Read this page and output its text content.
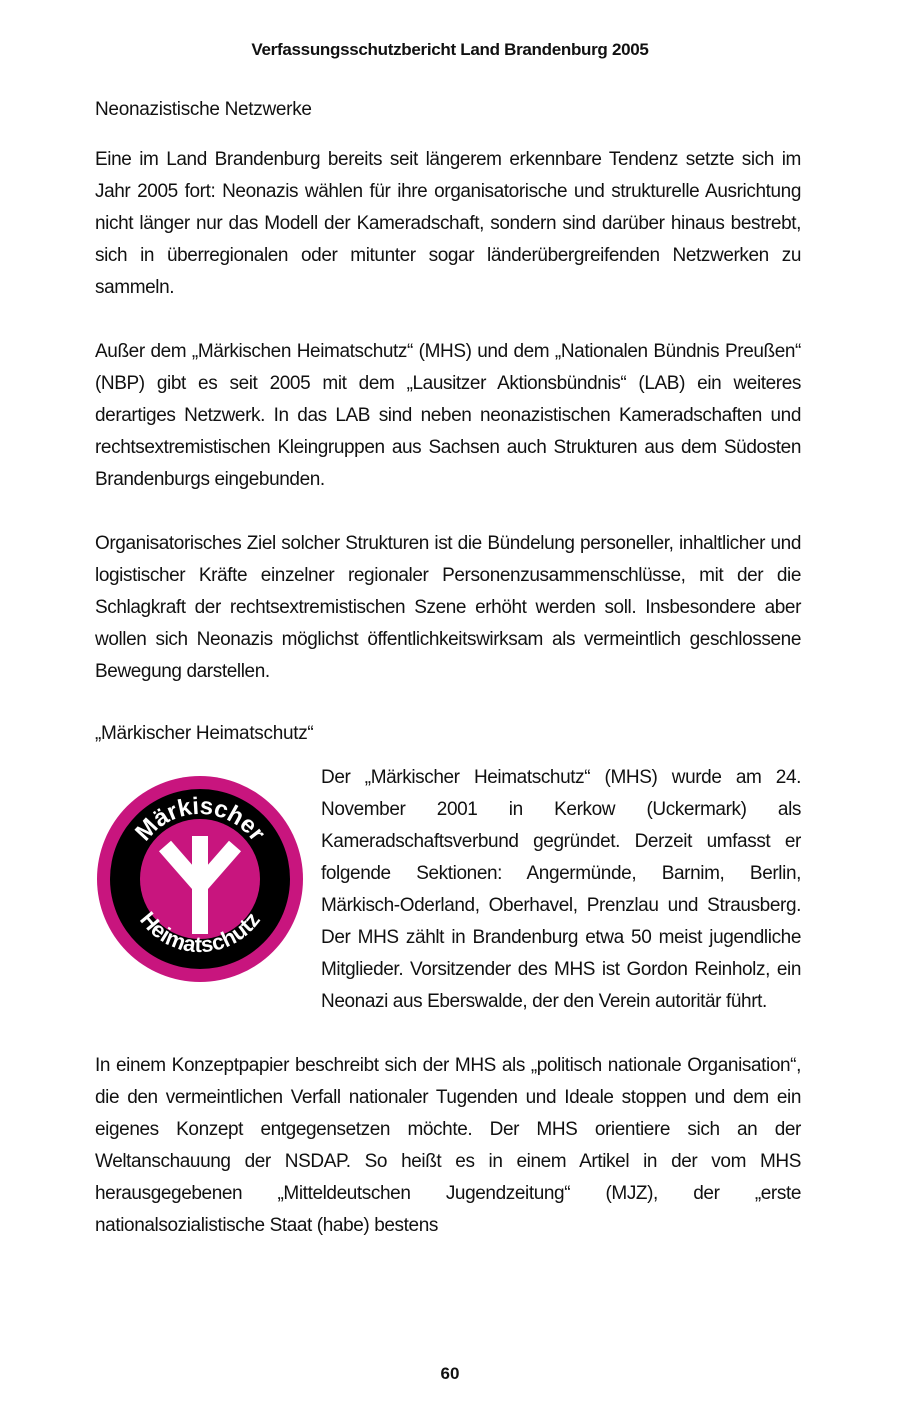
Verfassungsschutzbericht Land Brandenburg 2005
Neonazistische Netzwerke

Eine im Land Brandenburg bereits seit längerem erkennbare Tendenz setzte sich im Jahr 2005 fort: Neonazis wählen für ihre organisatorische und strukturelle Ausrichtung nicht länger nur das Modell der Kameradschaft, sondern sind darüber hinaus bestrebt, sich in überregionalen oder mitunter sogar länderübergreifenden Netzwerken zu sammeln.

Außer dem „Märkischen Heimatschutz“ (MHS) und dem „Nationalen Bündnis Preußen“ (NBP) gibt es seit 2005 mit dem „Lausitzer Aktionsbündnis“ (LAB) ein weiteres derartiges Netzwerk. In das LAB sind neben neonazistischen Kameradschaften und rechtsextremistischen Kleingruppen aus Sachsen auch Strukturen aus dem Südosten Brandenburgs eingebunden.

Organisatorisches Ziel solcher Strukturen ist die Bündelung personeller, inhaltlicher und logistischer Kräfte einzelner regionaler Personenzusammenschlüsse, mit der die Schlagkraft der rechtsextremistischen Szene erhöht werden soll. Insbesondere aber wollen sich Neonazis möglichst öffentlichkeitswirksam als vermeintlich geschlossene Bewegung darstellen.

„Märkischer Heimatschutz“
Märkischer
Heimatschutz

Der „Märkischer Heimatschutz“ (MHS) wurde am 24. November 2001 in Kerkow (Uckermark) als Kameradschaftsverbund gegründet. Derzeit umfasst er folgende Sektionen: Angermünde, Barnim, Berlin, Märkisch-Oderland, Oberhavel, Prenzlau und Strausberg. Der MHS zählt in Brandenburg etwa 50 meist jugendliche Mitglieder. Vorsitzender des MHS ist Gordon Reinholz, ein Neonazi aus Eberswalde, der den Verein autoritär führt.

In einem Konzeptpapier beschreibt sich der MHS als „politisch nationale Organisation“, die den vermeintlichen Verfall nationaler Tugenden und Ideale stoppen und dem ein eigenes Konzept entgegensetzen möchte. Der MHS orientiere sich an der Weltanschauung der NSDAP. So heißt es in einem Artikel in der vom MHS herausgegebenen „Mitteldeutschen Jugendzeitung“ (MJZ), der „erste nationalsozialistische Staat (habe) bestens

60
